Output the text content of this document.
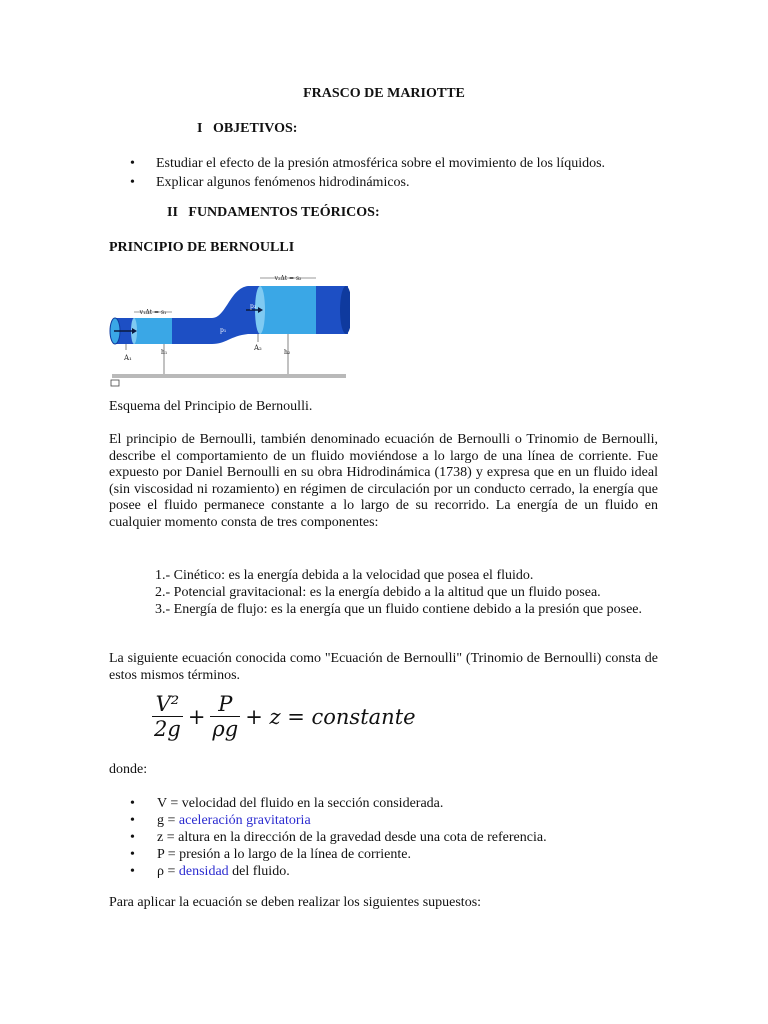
FRASCO DE MARIOTTE
I   OBJETIVOS:
• Estudiar el efecto de la presión atmosférica sobre el movimiento de los líquidos.
• Explicar algunos fenómenos hidrodinámicos.
II   FUNDAMENTOS TEÓRICOS:
PRINCIPIO DE BERNOULLI
v₁Δt = s₁
v₂Δt = s₂
p₁
p₂
A₁
A₂
h₁	h₂
Esquema del Principio de Bernoulli.
El principio de Bernoulli, también denominado ecuación de Bernoulli o Trinomio de Bernoulli, describe el comportamiento de un fluido moviéndose a lo largo de una línea de corriente. Fue expuesto por Daniel Bernoulli en su obra Hidrodinámica (1738) y expresa que en un fluido ideal (sin viscosidad ni rozamiento) en régimen de circulación por un conducto cerrado, la energía que posee el fluido permanece constante a lo largo de su recorrido. La energía de un fluido en cualquier momento consta de tres componentes:
1.- Cinético: es la energía debida a la velocidad que posea el fluido.
2.- Potencial gravitacional: es la energía debido a la altitud que un fluido posea.
3.- Energía de flujo: es la energía que un fluido contiene debido a la presión que posee.
La siguiente ecuación conocida como "Ecuación de Bernoulli" (Trinomio de Bernoulli) consta de estos mismos términos.
$\frac{\text{V²}}{2g} + \frac{P}{\rho g} + z$ = constante
donde:
• V = velocidad del fluido en la sección considerada.
• g = aceleración gravitatoria
• z = altura en la dirección de la gravedad desde una cota de referencia.
• P = presión a lo largo de la línea de corriente.
• ρ = densidad del fluido.
Para aplicar la ecuación se deben realizar los siguientes supuestos:
